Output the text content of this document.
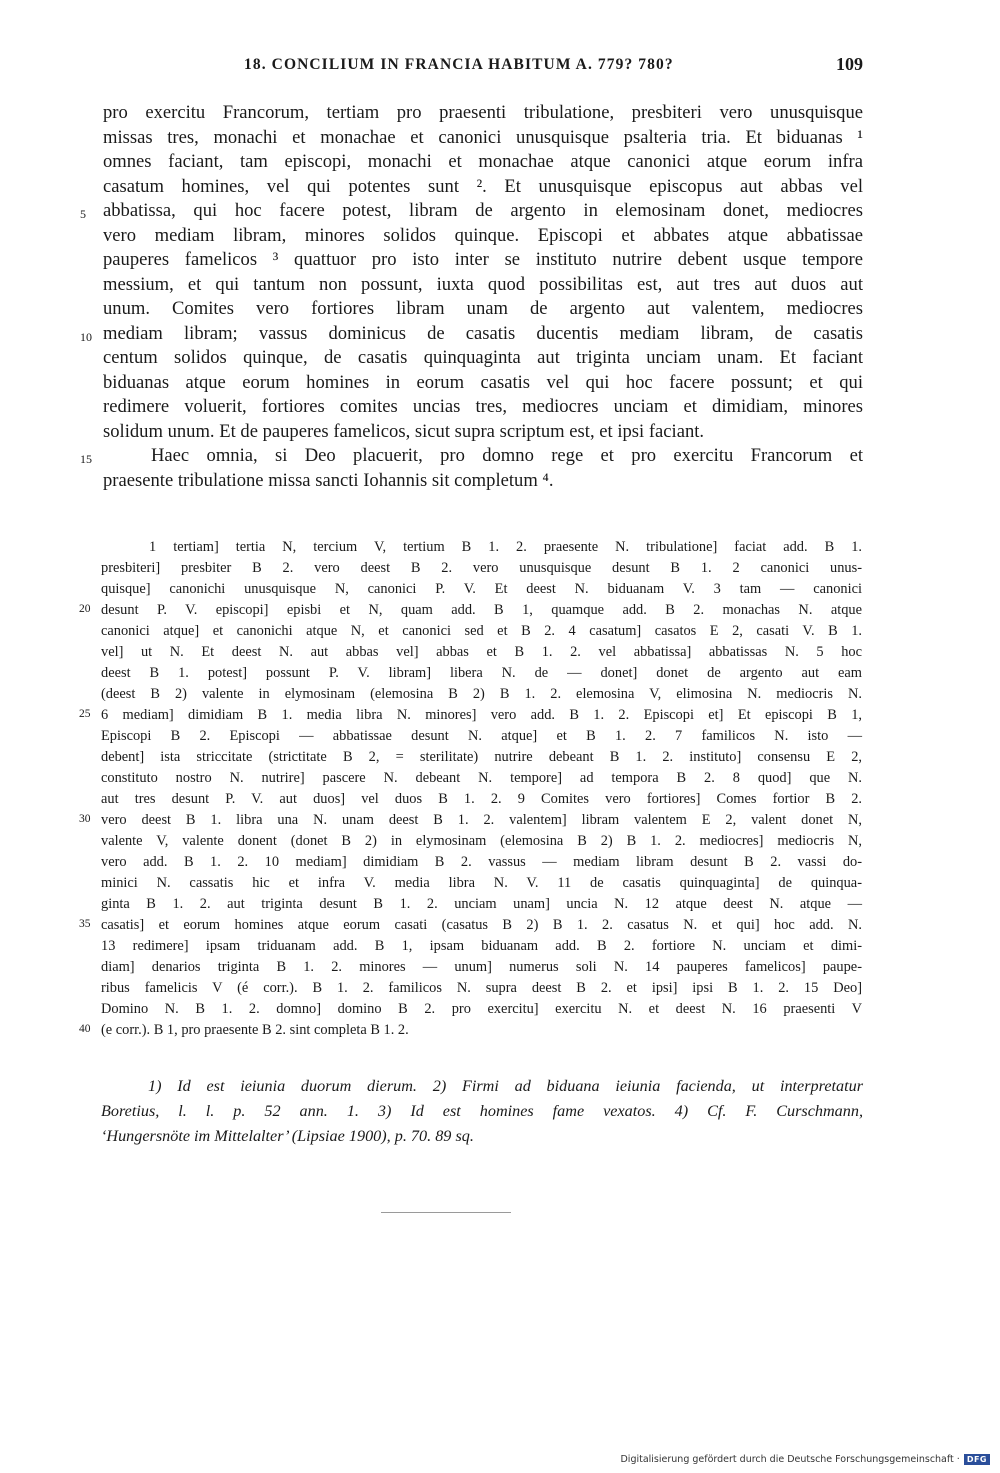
18. CONCILIUM IN FRANCIA HABITUM A. 779? 780?	109
pro exercitu Francorum, tertiam pro praesenti tribulatione, presbiteri vero unusquisque
missas tres, monachi et monachae et canonici unusquisque psalteria tria. Et biduanas ¹
omnes faciant, tam episcopi, monachi et monachae atque canonici atque eorum infra
casatum homines, vel qui potentes sunt ². Et unusquisque episcopus aut abbas vel
abbatissa, qui hoc facere potest, libram de argento in elemosinam donet, mediocres
vero mediam libram, minores solidos quinque. Episcopi et abbates atque abbatissae
pauperes famelicos ³ quattuor pro isto inter se instituto nutrire debent usque tempore
messium, et qui tantum non possunt, iuxta quod possibilitas est, aut tres aut duos aut
unum. Comites vero fortiores libram unam de argento aut valentem, mediocres
mediam libram; vassus dominicus de casatis ducentis mediam libram, de casatis
centum solidos quinque, de casatis quinquaginta aut triginta unciam unam. Et faciant
biduanas atque eorum homines in eorum casatis vel qui hoc facere possunt; et qui
redimere voluerit, fortiores comites uncias tres, mediocres unciam et dimidiam, minores
solidum unum. Et de pauperes famelicos, sicut supra scriptum est, et ipsi faciant.
Haec omnia, si Deo placuerit, pro domno rege et pro exercitu Francorum et
praesente tribulatione missa sancti Iohannis sit completum ⁴.
5
10
15
1 tertiam] tertia N, tercium V, tertium B 1. 2. praesente N. tribulatione] faciat add. B 1.
presbiteri] presbiter B 2. vero deest B 2. vero unusquisque desunt B 1. 2 canonici unus-
quisque] canonichi unusquisque N, canonici P. V. Et deest N. biduanam V. 3 tam — canonici
desunt P. V. episcopi] episbi et N, quam add. B 1, quamque add. B 2. monachas N. atque
canonici atque] et canonichi atque N, et canonici sed et B 2. 4 casatum] casatos E 2, casati V. B 1.
vel] ut N. Et deest N. aut abbas vel] abbas et B 1. 2. vel abbatissa] abbatissas N. 5 hoc
deest B 1. potest] possunt P. V. libram] libera N. de — donet] donet de argento aut eam
(deest B 2) valente in elymosinam (elemosina B 2) B 1. 2. elemosina V, elimosina N. mediocris N.
6 mediam] dimidiam B 1. media libra N. minores] vero add. B 1. 2. Episcopi et] Et episcopi B 1,
Episcopi B 2. Episcopi — abbatissae desunt N. atque] et B 1. 2. 7 familicos N. isto —
debent] ista striccitate (strictitate B 2, = sterilitate) nutrire debeant B 1. 2. instituto] consensu E 2,
constituto nostro N. nutrire] pascere N. debeant N. tempore] ad tempora B 2. 8 quod] que N.
aut tres desunt P. V. aut duos] vel duos B 1. 2. 9 Comites vero fortiores] Comes fortior B 2.
vero deest B 1. libra una N. unam deest B 1. 2. valentem] libram valentem E 2, valent donet N,
valente V, valente donent (donet B 2) in elymosinam (elemosina B 2) B 1. 2. mediocres] mediocris N,
vero add. B 1. 2. 10 mediam] dimidiam B 2. vassus — mediam libram desunt B 2. vassi do-
minici N. cassatis hic et infra V. media libra N. V. 11 de casatis quinquaginta] de quinqua-
ginta B 1. 2. aut triginta desunt B 1. 2. unciam unam] uncia N. 12 atque deest N. atque —
casatis] et eorum homines atque eorum casati (casatus B 2) B 1. 2. casatus N. et qui] hoc add. N.
13 redimere] ipsam triduanam add. B 1, ipsam biduanam add. B 2. fortiore N. unciam et dimi-
diam] denarios triginta B 1. 2. minores — unum] numerus soli N. 14 pauperes famelicos] paupe-
ribus famelicis V (é corr.). B 1. 2. familicos N. supra deest B 2. et ipsi] ipsi B 1. 2. 15 Deo]
Domino N. B 1. 2. domno] domino B 2. pro exercitu] exercitu N. et deest N. 16 praesenti V
(e corr.). B 1, pro praesente B 2. sint completa B 1. 2.
20
25
30
35
40
1) Id est ieiunia duorum dierum. 2) Firmi ad biduana ieiunia facienda, ut interpretatur
Boretius, l. l. p. 52 ann. 1. 3) Id est homines fame vexatos. 4) Cf. F. Curschmann,
‘Hungersnöte im Mittelalter’ (Lipsiae 1900), p. 70. 89 sq.
Digitalisierung gefördert durch die Deutsche Forschungsgemeinschaft · DFG
